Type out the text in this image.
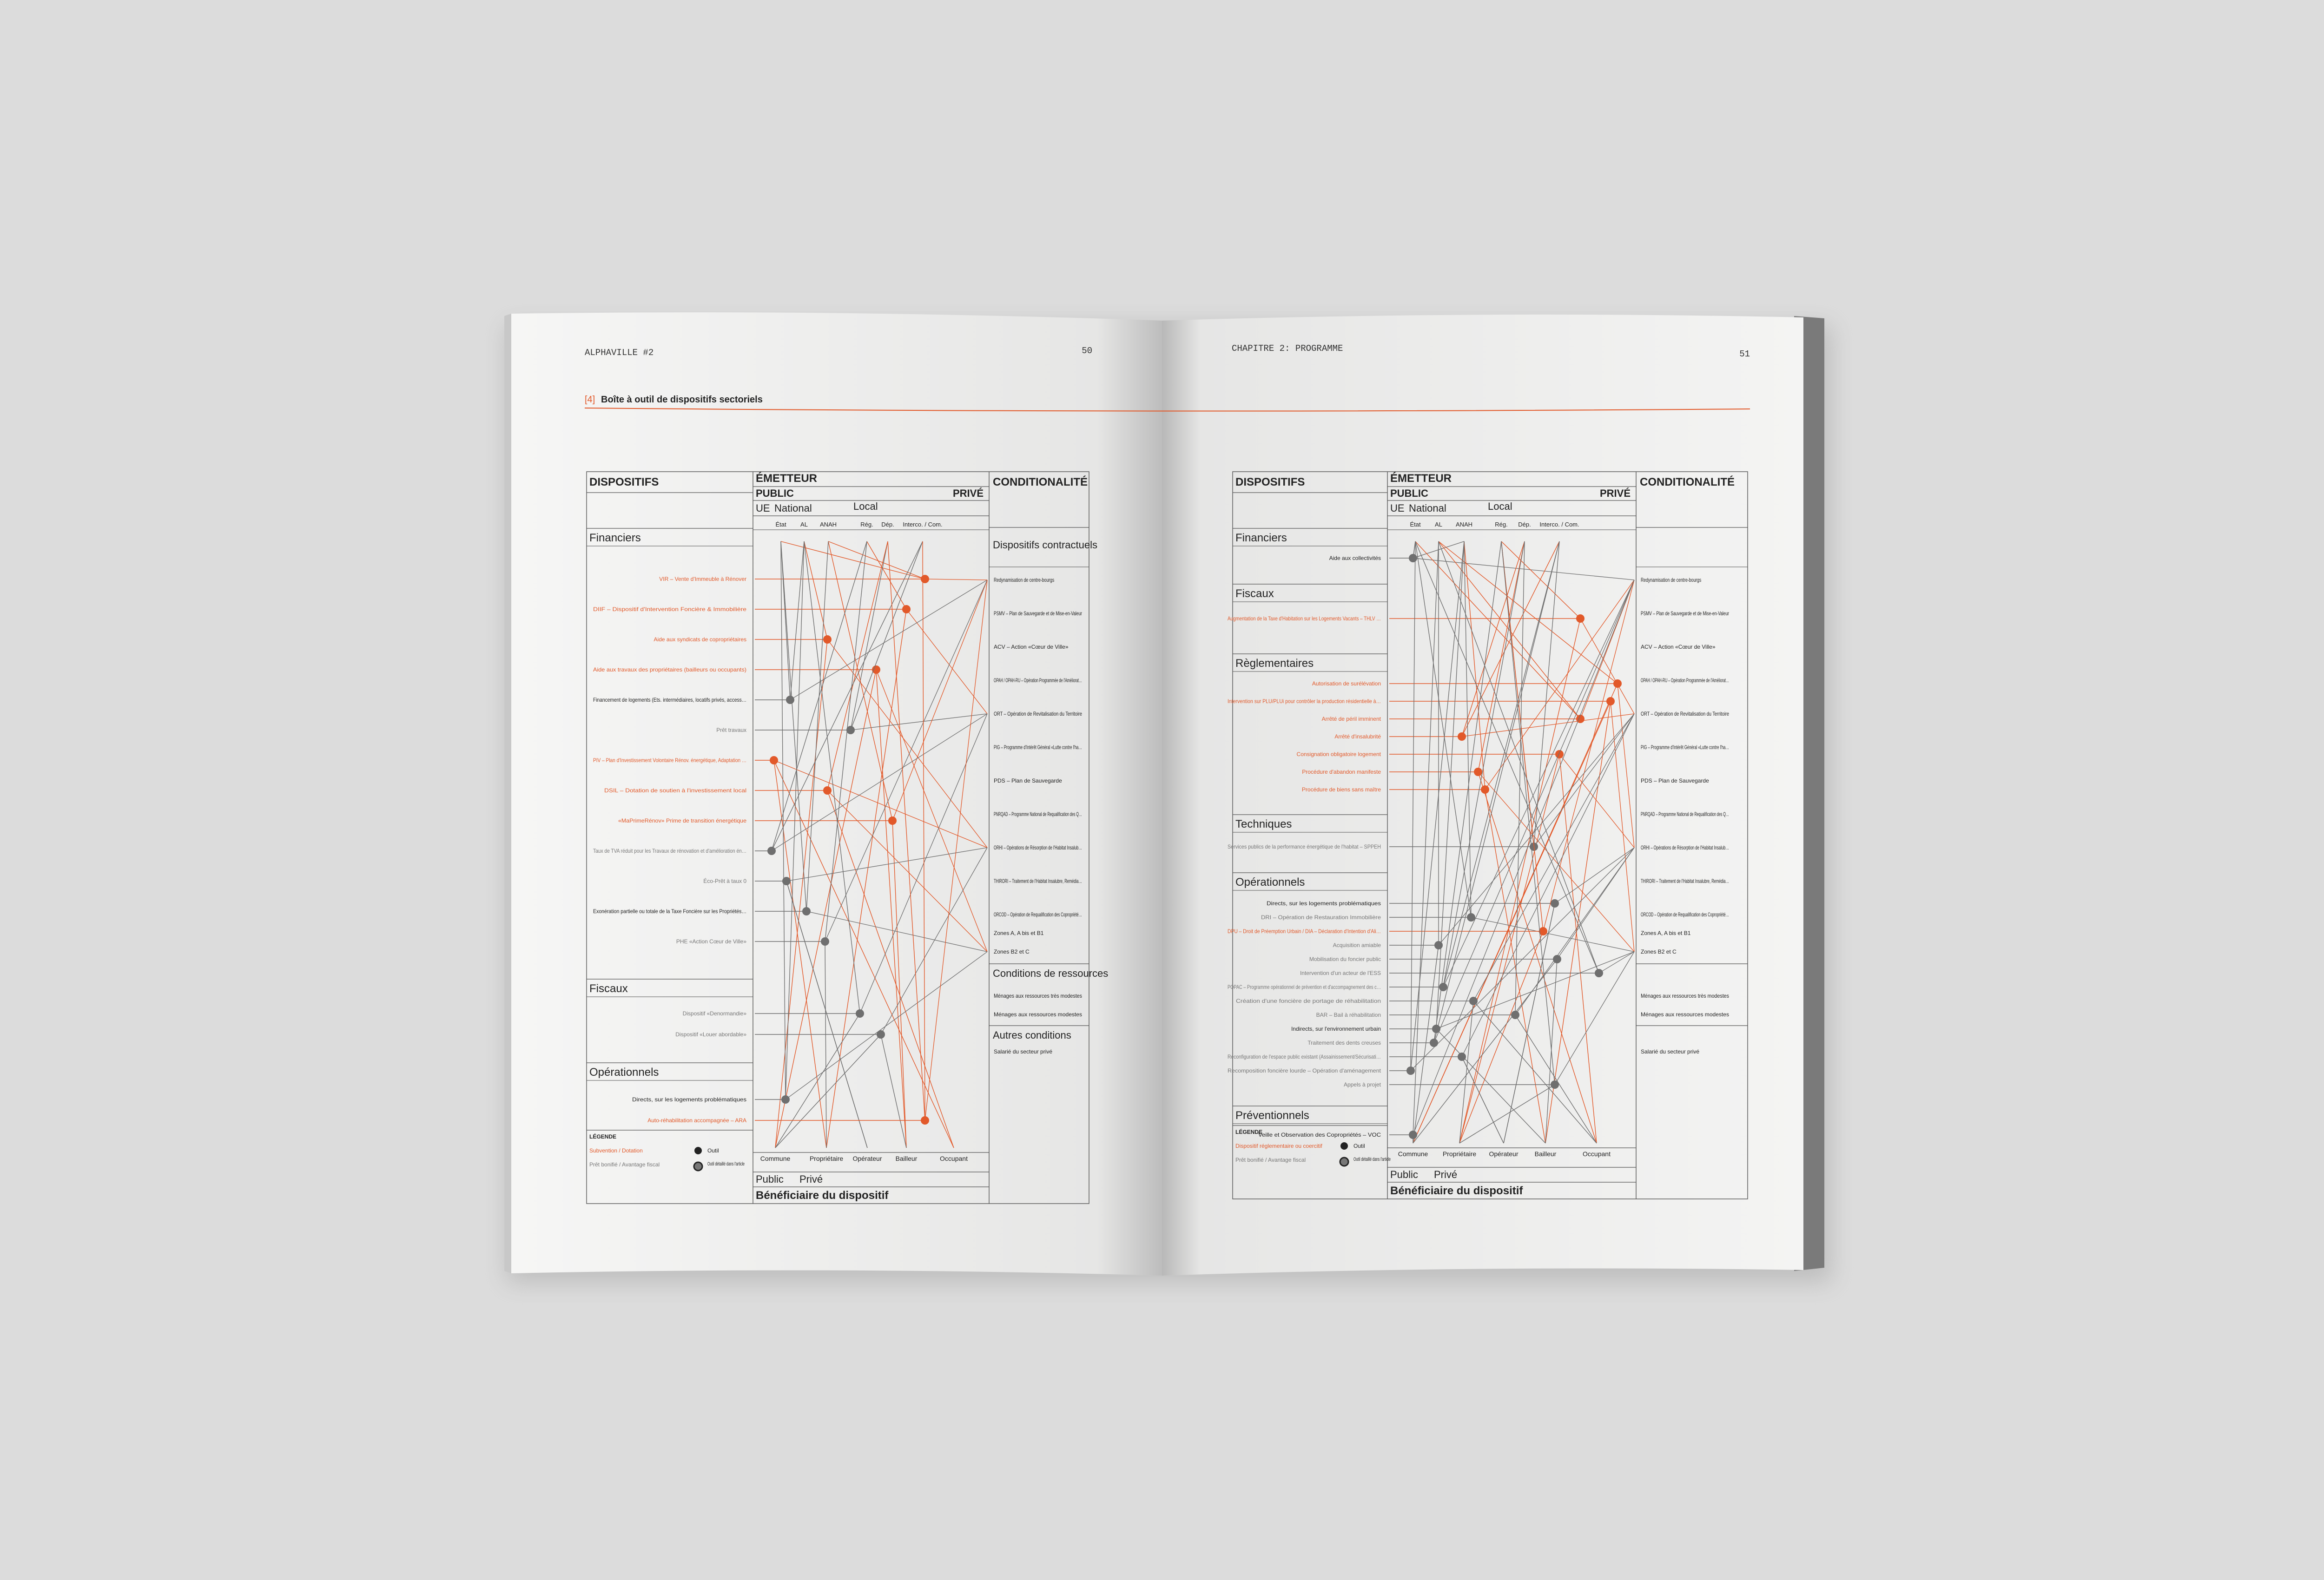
ALPHAVILLE #2	50	CHAPITRE 2: PROGRAMME
51
[4] Boîte à outil de dispositifs sectoriels
DISPOSITIFS	ÉMETTEUR
PUBLIC	PRIVÉ
UE National	Local
CONDITIONALITÉ
État AL ANAH	Rég. Dép. Interco. / Com.
Commune	Propriétaire Opérateur Bailleur	Occupant
Public Privé
Bénéficiaire du dispositif
LÉGENDE
Subvention / Dotation
Prêt bonifié / Avantage fiscal
Outil
Outil détaillé dans l'article
Financiers
VIR – Vente d'Immeuble à Rénover
DIIF – Dispositif d'Intervention Foncière & Immobilière
Aide aux syndicats de copropriétaires
Aide aux travaux des propriétaires (bailleurs ou occupants)
Financement de logements (Ets. intermédiaires, locatifs privés, access…
Prêt travaux
PIV – Plan d'Investissement Volontaire Rénov. énergétique, Adaptation …
DSIL – Dotation de soutien à l'investissement local
«MaPrimeRénov» Prime de transition énergétique
Taux de TVA réduit pour les Travaux de rénovation et d'amélioration én…
Éco-Prêt à taux 0
Exonération partielle ou totale de la Taxe Foncière sur les Propriétés…
PHE «Action Cœur de Ville»
Fiscaux
Dispositif «Denormandie»
Dispositif «Louer abordable»
Opérationnels
Directs, sur les logements problématiques
Auto-réhabilitation accompagnée – ARA
Dispositifs contractuels
Redynamisation de centre-bourgs
PSMV – Plan de Sauvegarde et de Mise-en-Valeur
ACV – Action «Cœur de Ville»
OPAH / OPAH-RU – Opération Programmée de l'Améliorat…
ORT – Opération de Revitalisation du Territoire
PIG – Programme d'Intérêt Général «Lutte contre l'ha…
PDS – Plan de Sauvegarde
PNRQAD – Programme National de Requalification des Q…
ORHI – Opérations de Résorption de l'Habitat Insalub…
THIRORI – Traitement de l'Habitat Insalubre, Remédia…
ORCOD – Opération de Requalification des Copropriété…
Zones A, A bis et B1
Zones B2 et C
Conditions de ressources
Ménages aux ressources très modestes
Ménages aux ressources modestes
Autres conditions
Salarié du secteur privé
DISPOSITIFS	ÉMETTEUR
PUBLIC	PRIVÉ
UE National	Local
CONDITIONALITÉ
État AL ANAH	Rég. Dép. Interco. / Com.
Commune Propriétaire Opérateur	Bailleur	Occupant
Public Privé
Bénéficiaire du dispositif
LÉGENDE
Dispositif réglementaire ou coercitif
Prêt bonifié / Avantage fiscal
Outil
Outil détaillé dans l'article
Financiers
Aide aux collectivités
Fiscaux
Augmentation de la Taxe d'Habitation sur les Logements Vacants – THLV …
Règlementaires
Autorisation de surélévation
Intervention sur PLU/PLUi pour contrôler la production résidentielle à…
Arrêté de péril imminent
Arrêté d'insalubrité
Consignation obligatoire logement
Procédure d'abandon manifeste
Procédure de biens sans maître
Techniques
Services publics de la performance énergétique de l'habitat – SPPEH
Opérationnels
Directs, sur les logements problématiques
DRI – Opération de Restauration Immobilière
DPU – Droit de Préemption Urbain / DIA – Déclaration d'Intention d'Ali…
Acquisition amiable
Mobilisation du foncier public
Intervention d'un acteur de l'ESS
POPAC – Programme opérationnel de prévention et d'accompagnement des c…
Création d'une foncière de portage de réhabilitation
BAR – Bail à réhabilitation
Indirects, sur l'environnement urbain
Traitement des dents creuses
Reconfiguration de l'espace public existant (Assainissement/Sécurisati…
Recomposition foncière lourde – Opération d'aménagement
Appels à projet
Préventionnels
Veille et Observation des Copropriétés – VOC
Redynamisation de centre-bourgs
PSMV – Plan de Sauvegarde et de Mise-en-Valeur
ACV – Action «Cœur de Ville»
OPAH / OPAH-RU – Opération Programmée de l'Améliorat…
ORT – Opération de Revitalisation du Territoire
PIG – Programme d'Intérêt Général «Lutte contre l'ha…
PDS – Plan de Sauvegarde
PNRQAD – Programme National de Requalification des Q…
ORHI – Opérations de Résorption de l'Habitat Insalub…
THIRORI – Traitement de l'Habitat Insalubre, Remédia…
ORCOD – Opération de Requalification des Copropriété…
Zones A, A bis et B1
Zones B2 et C
Ménages aux ressources très modestes
Ménages aux ressources modestes
Salarié du secteur privé
